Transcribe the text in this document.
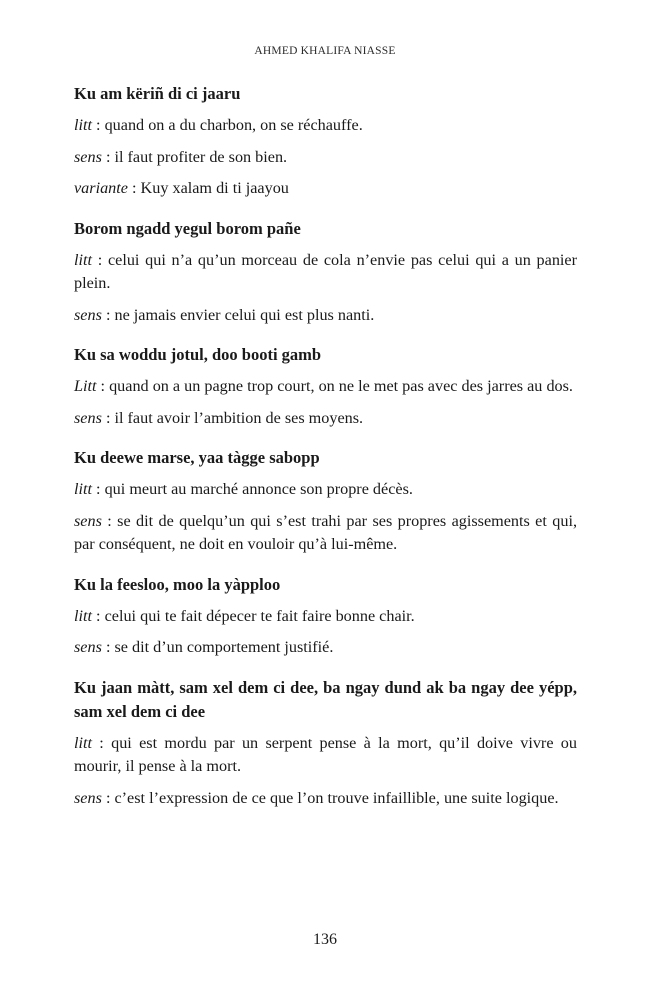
AHMED KHALIFA NIASSE
Ku am këriñ di ci jaaru
litt : quand on a du charbon, on se réchauffe.
sens : il faut profiter de son bien.
variante : Kuy xalam di ti jaayou
Borom ngadd yegul borom pañe
litt : celui qui n’a qu’un morceau de cola n’envie pas celui qui a un panier plein.
sens : ne jamais envier celui qui est plus nanti.
Ku sa woddu jotul, doo booti gamb
Litt : quand on a un pagne trop court, on ne le met pas avec des jarres au dos.
sens : il faut avoir l’ambition de ses moyens.
Ku deewe marse, yaa tàgge sabopp
litt : qui meurt au marché annonce son propre décès.
sens : se dit de quelqu’un qui s’est trahi par ses propres agissements et qui, par conséquent, ne doit en vouloir qu’à lui-même.
Ku la feesloo, moo la yàpploo
litt : celui qui te fait dépecer te fait faire bonne chair.
sens : se dit d’un comportement justifié.
Ku jaan màtt, sam xel dem ci dee, ba ngay dund ak ba ngay dee yépp, sam xel dem ci dee
litt : qui est mordu par un serpent pense à la mort, qu’il doive vivre ou mourir, il pense à la mort.
sens : c’est l’expression de ce que l’on trouve infaillible, une suite logique.
136
